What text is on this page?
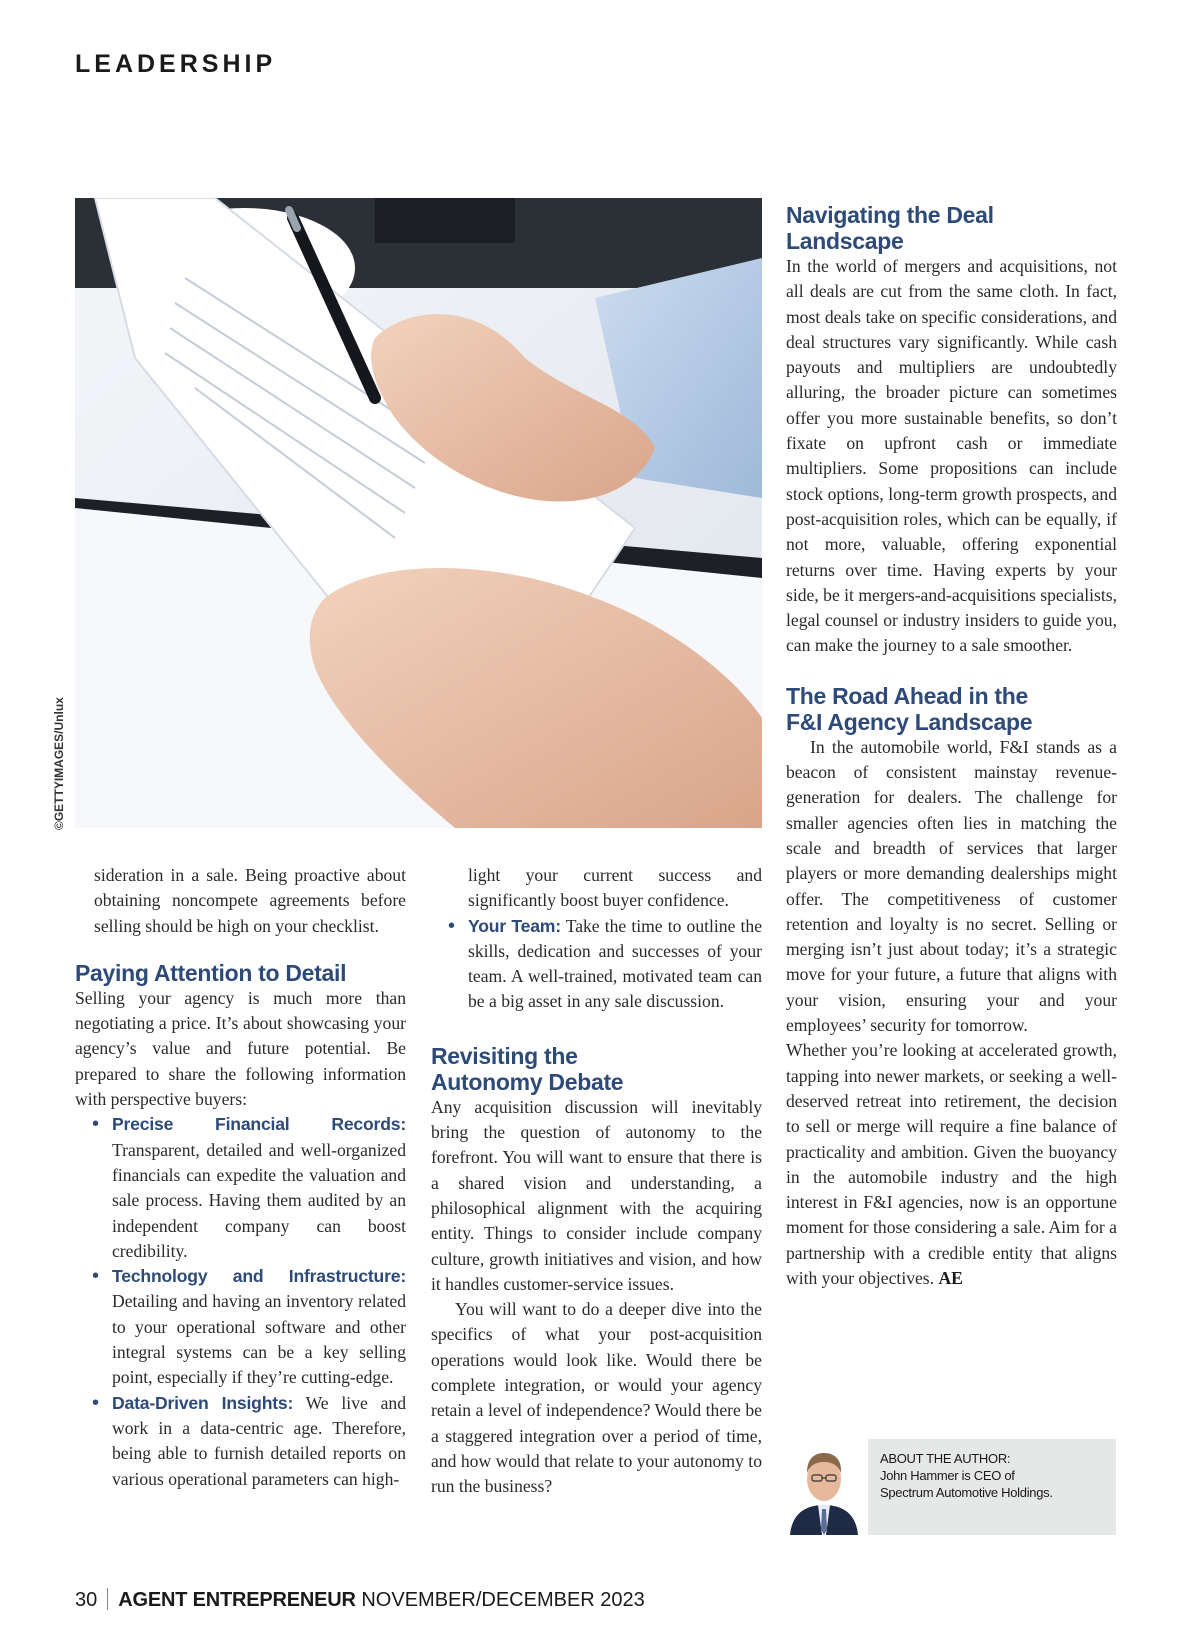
LEADERSHIP
©GETTYIMAGES/Unlux

sideration in a sale. Being proactive about obtaining noncompete agreements before selling should be high on your checklist.

Paying Attention to Detail

Selling your agency is much more than negotiating a price. It’s about showcasing your agency’s value and future potential. Be prepared to share the following information with perspective buyers:

• Precise Financial Records: Transparent, detailed and well-organized financials can expedite the valuation and sale process. Having them audited by an independent company can boost credibility.
• Technology and Infrastructure: Detailing and having an inventory related to your operational software and other integral systems can be a key selling point, especially if they’re cutting-edge.
• Data-Driven Insights: We live and work in a data-centric age. Therefore, being able to furnish detailed reports on various operational parameters can high-

light your current success and significantly boost buyer confidence.

• Your Team: Take the time to outline the skills, dedication and successes of your team. A well-trained, motivated team can be a big asset in any sale discussion.
Revisiting the
Autonomy Debate

Any acquisition discussion will inevitably bring the question of autonomy to the forefront. You will want to ensure that there is a shared vision and understanding, a philosophical alignment with the acquiring entity. Things to consider include company culture, growth initiatives and vision, and how it handles customer-service issues.

You will want to do a deeper dive into the specifics of what your post-acquisition operations would look like. Would there be complete integration, or would your agency retain a level of independence? Would there be a staggered integration over a period of time, and how would that relate to your autonomy to run the business?

Navigating the Deal Landscape

In the world of mergers and acquisitions, not all deals are cut from the same cloth. In fact, most deals take on specific considerations, and deal structures vary significantly. While cash payouts and multipliers are undoubtedly alluring, the broader picture can sometimes offer you more sustainable benefits, so don’t fixate on upfront cash or immediate multipliers. Some propositions can include stock options, long-term growth prospects, and post-acquisition roles, which can be equally, if not more, valuable, offering exponential returns over time. Having experts by your side, be it mergers-and-acquisitions specialists, legal counsel or industry insiders to guide you, can make the journey to a sale smoother.

The Road Ahead in the
F&I Agency Landscape

In the automobile world, F&I stands as a beacon of consistent mainstay revenue-generation for dealers. The challenge for smaller agencies often lies in matching the scale and breadth of services that larger players or more demanding dealerships might offer. The competitiveness of customer retention and loyalty is no secret. Selling or merging isn’t just about today; it’s a strategic move for your future, a future that aligns with your vision, ensuring your and your employees’ security for tomorrow.

Whether you’re looking at accelerated growth, tapping into newer markets, or seeking a well-deserved retreat into retirement, the decision to sell or merge will require a fine balance of practicality and ambition. Given the buoyancy in the automobile industry and the high interest in F&I agencies, now is an opportune moment for those considering a sale. Aim for a partnership with a credible entity that aligns with your objectives. AE

ABOUT THE AUTHOR:
John Hammer is CEO of
Spectrum Automotive Holdings.
30 AGENT ENTREPRENEUR NOVEMBER/DECEMBER 2023
